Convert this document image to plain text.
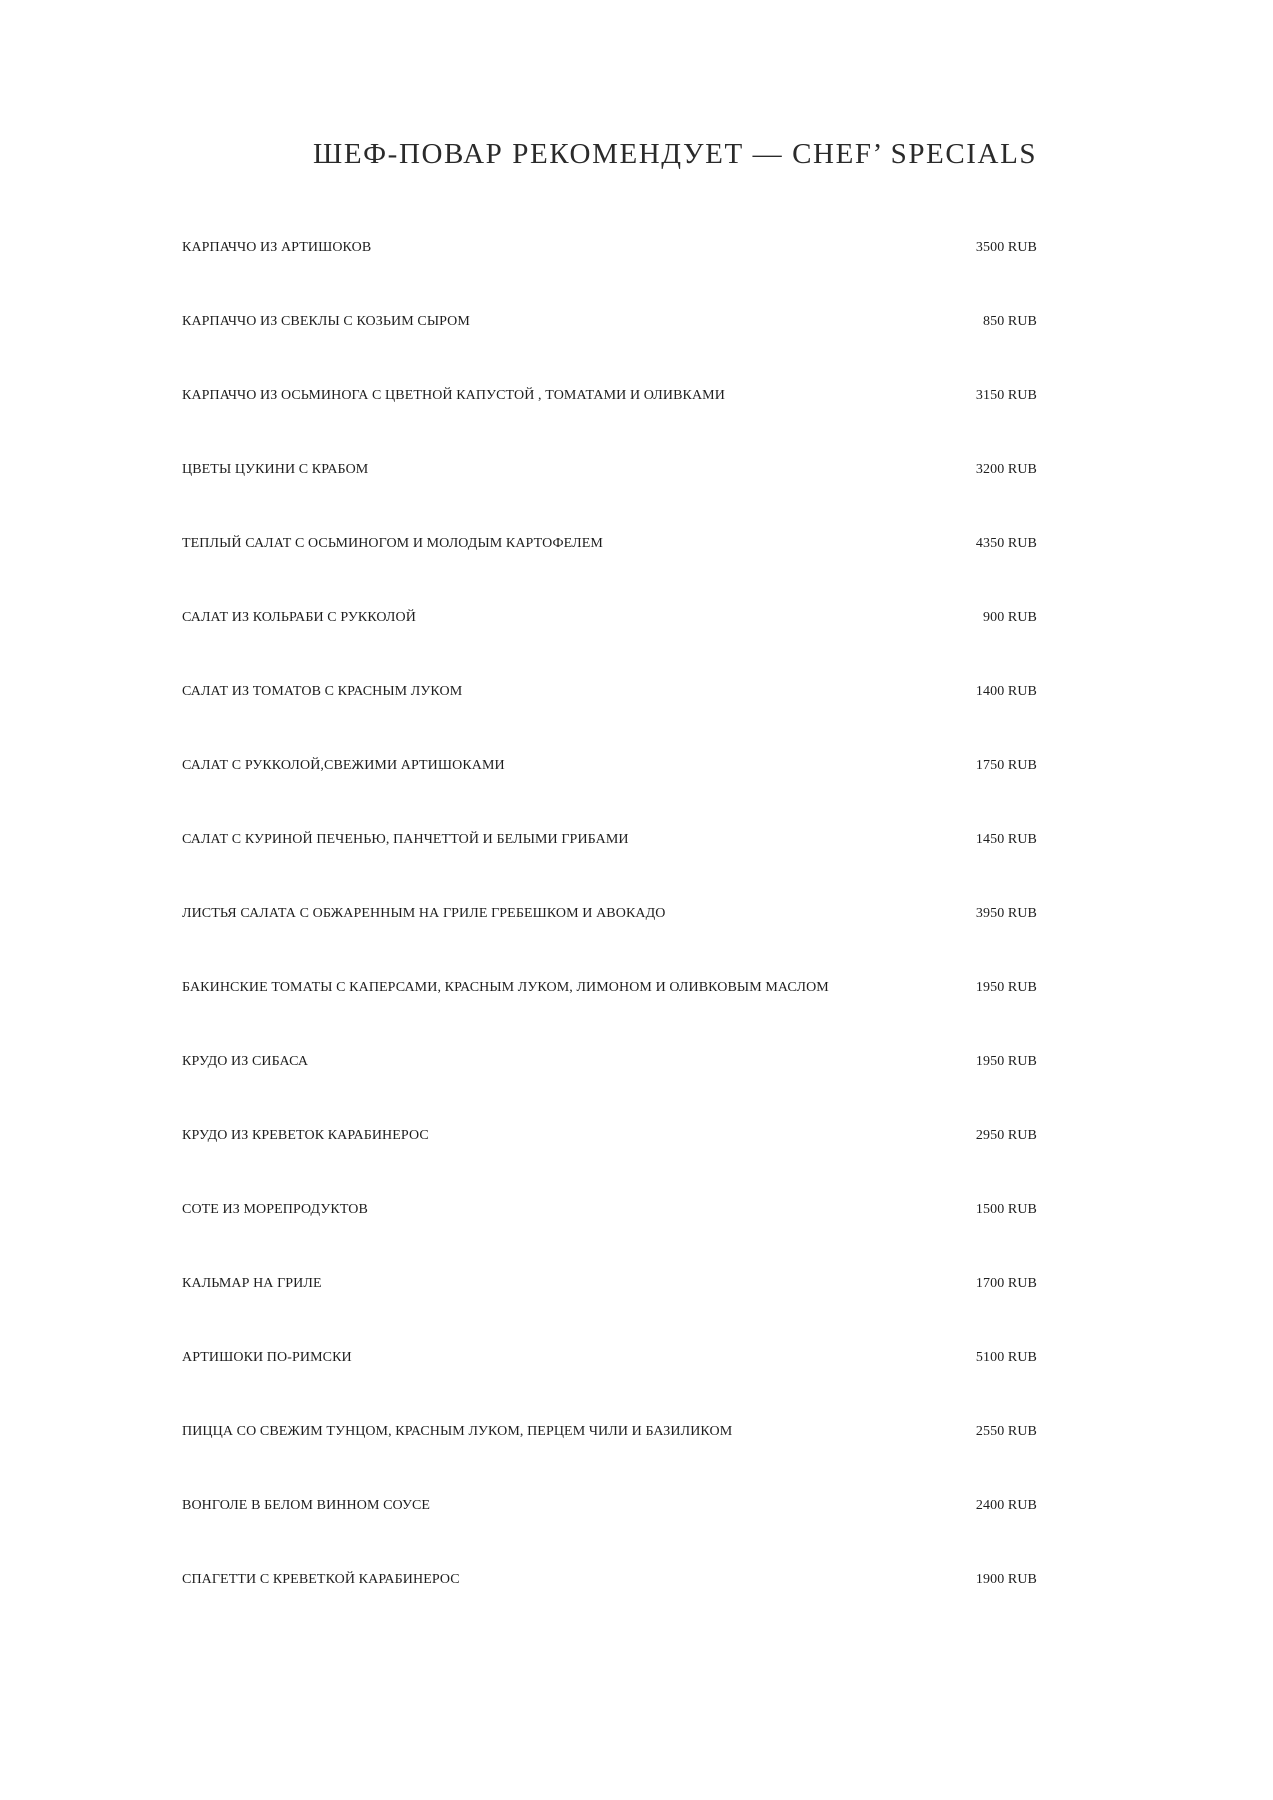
ШЕФ-ПОВАР РЕКОМЕНДУЕТ — CHEF’ SPECIALS
КАРПАЧЧО ИЗ АРТИШОКОВ	3500 RUB
КАРПАЧЧО ИЗ СВЕКЛЫ С КОЗЬИМ СЫРОМ	850 RUB
КАРПАЧЧО ИЗ ОСЬМИНОГА С ЦВЕТНОЙ КАПУСТОЙ , ТОМАТАМИ И ОЛИВКАМИ	3150 RUB
ЦВЕТЫ ЦУКИНИ С КРАБОМ	3200 RUB
ТЕПЛЫЙ САЛАТ С ОСЬМИНОГОМ И МОЛОДЫМ КАРТОФЕЛЕМ	4350 RUB
САЛАТ ИЗ КОЛЬРАБИ С РУККОЛОЙ	900 RUB
САЛАТ ИЗ ТОМАТОВ С КРАСНЫМ ЛУКОМ	1400 RUB
САЛАТ С РУККОЛОЙ,СВЕЖИМИ АРТИШОКАМИ	1750 RUB
САЛАТ С КУРИНОЙ ПЕЧЕНЬЮ, ПАНЧЕТТОЙ И БЕЛЫМИ ГРИБАМИ	1450 RUB
ЛИСТЬЯ САЛАТА С ОБЖАРЕННЫМ НА ГРИЛЕ ГРЕБЕШКОМ И АВОКАДО	3950 RUB
БАКИНСКИЕ ТОМАТЫ С КАПЕРСАМИ, КРАСНЫМ ЛУКОМ, ЛИМОНОМ И ОЛИВКОВЫМ МАСЛОМ	1950 RUB
КРУДО ИЗ СИБАСА	1950 RUB
КРУДО ИЗ КРЕВЕТОК КАРАБИНЕРОС	2950 RUB
СОТЕ ИЗ МОРЕПРОДУКТОВ	1500 RUB
КАЛЬМАР НА ГРИЛЕ	1700 RUB
АРТИШОКИ ПО-РИМСКИ	5100 RUB
ПИЦЦА СО СВЕЖИМ ТУНЦОМ, КРАСНЫМ ЛУКОМ, ПЕРЦЕМ ЧИЛИ И БАЗИЛИКОМ	2550 RUB
ВОНГОЛЕ В БЕЛОМ ВИННОМ СОУСЕ	2400 RUB
СПАГЕТТИ С КРЕВЕТКОЙ КАРАБИНЕРОС	1900 RUB
